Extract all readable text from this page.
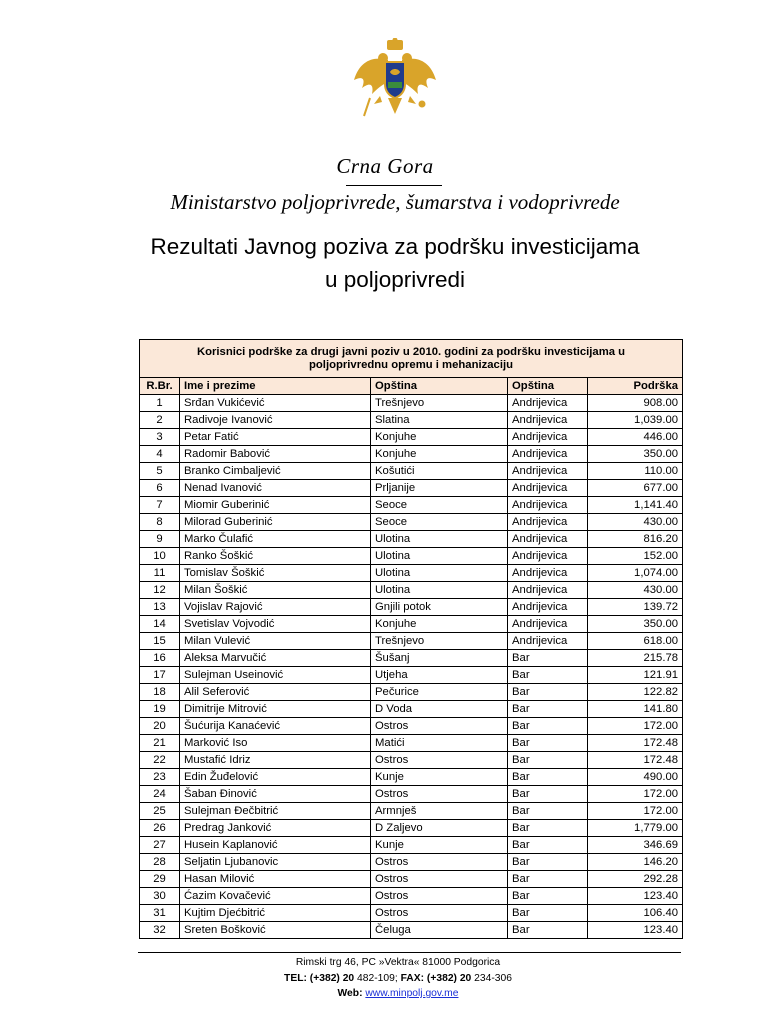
Crna Gora
Ministarstvo poljoprivrede, šumarstva i vodoprivrede
Rezultati Javnog poziva za podršku investicijama
u poljoprivredi
Korisnici podrške za drugi javni poziv u 2010. godini za podršku investicijama u poljoprivrednu opremu i mehanizaciju				
R.Br.	Ime i prezime	Opština	Opština	Podrška
1	Srđan Vukićević	Trešnjevo	Andrijevica	908.00
2	Radivoje Ivanović	Slatina	Andrijevica	1,039.00
3	Petar Fatić	Konjuhe	Andrijevica	446.00
4	Radomir Babović	Konjuhe	Andrijevica	350.00
5	Branko Cimbaljević	Košutići	Andrijevica	110.00
6	Nenad Ivanović	Prljanije	Andrijevica	677.00
7	Miomir Guberinić	Seoce	Andrijevica	1,141.40
8	Milorad Guberinić	Seoce	Andrijevica	430.00
9	Marko Čulafić	Ulotina	Andrijevica	816.20
10	Ranko Šoškić	Ulotina	Andrijevica	152.00
11	Tomislav Šoškić	Ulotina	Andrijevica	1,074.00
12	Milan Šoškić	Ulotina	Andrijevica	430.00
13	Vojislav Rajović	Gnjili potok	Andrijevica	139.72
14	Svetislav Vojvodić	Konjuhe	Andrijevica	350.00
15	Milan Vulević	Trešnjevo	Andrijevica	618.00
16	Aleksa Marvučić	Šušanj	Bar	215.78
17	Sulejman Useinović	Utjeha	Bar	121.91
18	Alil Seferović	Pečurice	Bar	122.82
19	Dimitrije Mitrović	D Voda	Bar	141.80
20	Šućurija Kanaćević	Ostros	Bar	172.00
21	Marković Iso	Matići	Bar	172.48
22	Mustafić Idriz	Ostros	Bar	172.48
23	Edin Žuđelović	Kunje	Bar	490.00
24	Šaban Đinović	Ostros	Bar	172.00
25	Sulejman Đečbitrić	Armnješ	Bar	172.00
26	Predrag Janković	D Zaljevo	Bar	1,779.00
27	Husein Kaplanović	Kunje	Bar	346.69
28	Seljatin Ljubanovic	Ostros	Bar	146.20
29	Hasan Milović	Ostros	Bar	292.28
30	Ćazim Kovačević	Ostros	Bar	123.40
31	Kujtim Djećbitrić	Ostros	Bar	106.40
32	Sreten Bošković	Čeluga	Bar	123.40
Rimski trg 46, PC »Vektra« 81000 Podgorica
TEL: (+382) 20 482-109; FAX: (+382) 20 234-306
Web: www.minpolj.gov.me
